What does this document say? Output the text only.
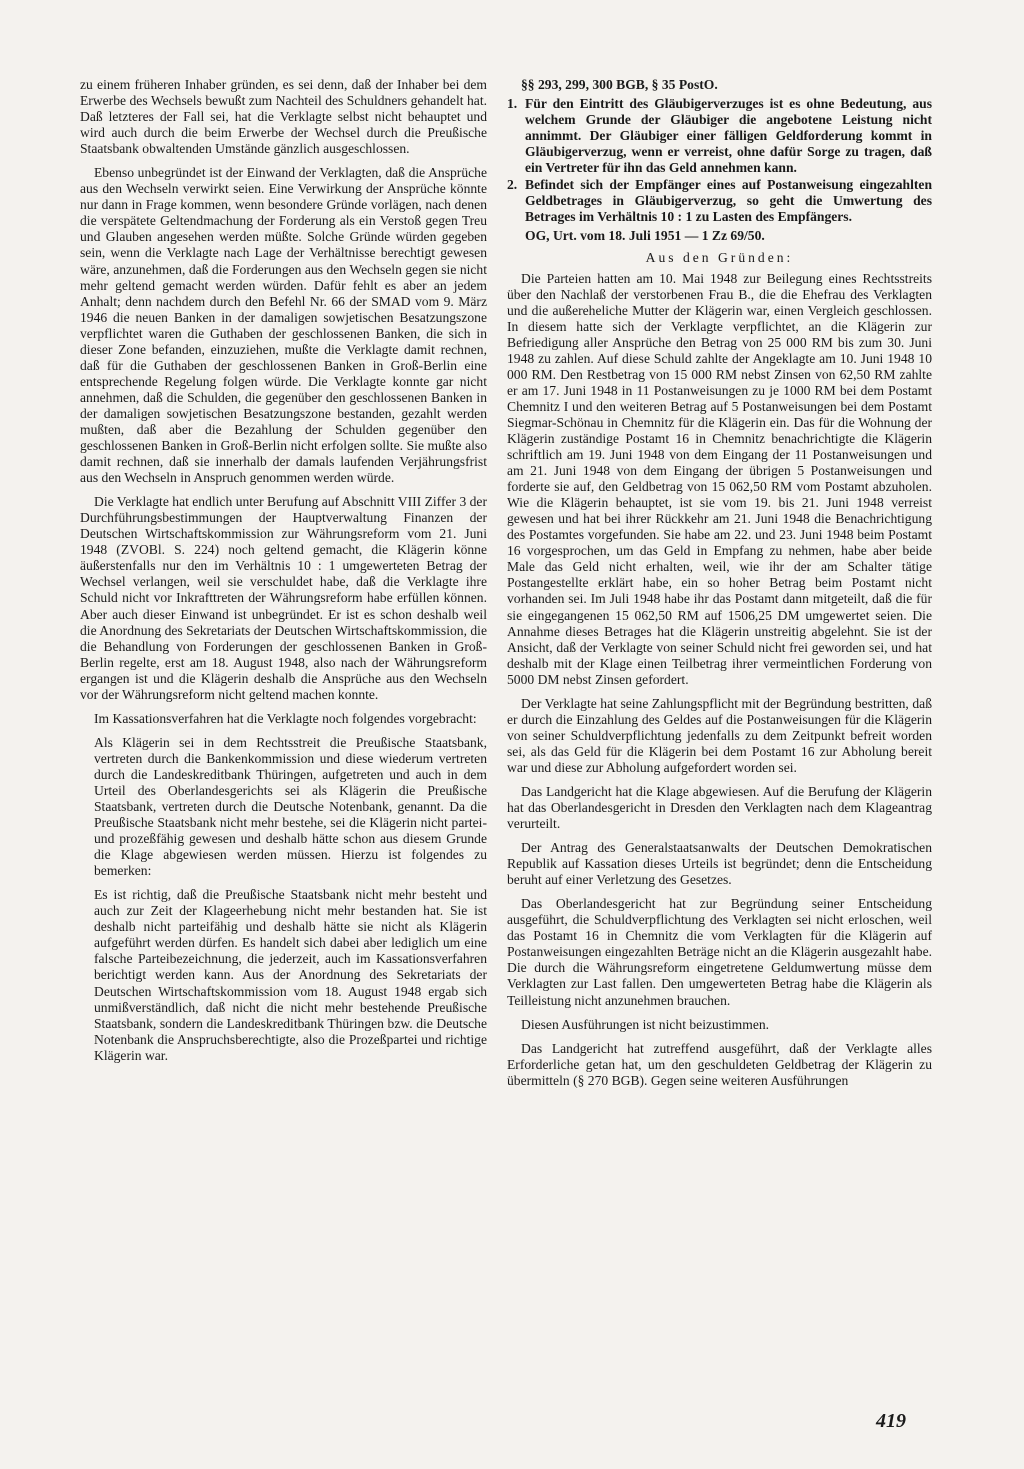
zu einem früheren Inhaber gründen, es sei denn, daß der Inhaber bei dem Erwerbe des Wechsels bewußt zum Nachteil des Schuldners gehandelt hat. Daß letzteres der Fall sei, hat die Verklagte selbst nicht behauptet und wird auch durch die beim Erwerbe der Wechsel durch die Preußische Staatsbank obwaltenden Umstände gänzlich ausgeschlossen.

Ebenso unbegründet ist der Einwand der Verklagten, daß die Ansprüche aus den Wechseln verwirkt seien. Eine Verwirkung der Ansprüche könnte nur dann in Frage kommen, wenn besondere Gründe vorlägen, nach denen die verspätete Geltendmachung der Forderung als ein Verstoß gegen Treu und Glauben angesehen werden müßte. Solche Gründe würden gegeben sein, wenn die Verklagte nach Lage der Verhältnisse berechtigt gewesen wäre, anzunehmen, daß die Forderungen aus den Wechseln gegen sie nicht mehr geltend gemacht werden würden. Dafür fehlt es aber an jedem Anhalt; denn nachdem durch den Befehl Nr. 66 der SMAD vom 9. März 1946 die neuen Banken in der damaligen sowjetischen Besatzungszone verpflichtet waren die Guthaben der geschlossenen Banken, die sich in dieser Zone befanden, einzuziehen, mußte die Verklagte damit rechnen, daß für die Guthaben der geschlossenen Banken in Groß-Berlin eine entsprechende Regelung folgen würde. Die Verklagte konnte gar nicht annehmen, daß die Schulden, die gegenüber den geschlossenen Banken in der damaligen sowjetischen Besatzungszone bestanden, gezahlt werden mußten, daß aber die Bezahlung der Schulden gegenüber den geschlossenen Banken in Groß-Berlin nicht erfolgen sollte. Sie mußte also damit rechnen, daß sie innerhalb der damals laufenden Verjährungsfrist aus den Wechseln in Anspruch genommen werden würde.

Die Verklagte hat endlich unter Berufung auf Abschnitt VIII Ziffer 3 der Durchführungsbestimmungen der Hauptverwaltung Finanzen der Deutschen Wirtschaftskommission zur Währungsreform vom 21. Juni 1948 (ZVOBl. S. 224) noch geltend gemacht, die Klägerin könne äußerstenfalls nur den im Verhältnis 10 : 1 umgewerteten Betrag der Wechsel verlangen, weil sie verschuldet habe, daß die Verklagte ihre Schuld nicht vor Inkrafttreten der Währungsreform habe erfüllen können. Aber auch dieser Einwand ist unbegründet. Er ist es schon deshalb weil die Anordnung des Sekretariats der Deutschen Wirtschaftskommission, die die Behandlung von Forderungen der geschlossenen Banken in Groß-Berlin regelte, erst am 18. August 1948, also nach der Währungsreform ergangen ist und die Klägerin deshalb die Ansprüche aus den Wechseln vor der Währungsreform nicht geltend machen konnte.

Im Kassationsverfahren hat die Verklagte noch folgendes vorgebracht:

Als Klägerin sei in dem Rechtsstreit die Preußische Staatsbank, vertreten durch die Bankenkommission und diese wiederum vertreten durch die Landeskreditbank Thüringen, aufgetreten und auch in dem Urteil des Oberlandesgerichts sei als Klägerin die Preußische Staatsbank, vertreten durch die Deutsche Notenbank, genannt. Da die Preußische Staatsbank nicht mehr bestehe, sei die Klägerin nicht partei- und prozeßfähig gewesen und deshalb hätte schon aus diesem Grunde die Klage abgewiesen werden müssen. Hierzu ist folgendes zu bemerken:

Es ist richtig, daß die Preußische Staatsbank nicht mehr besteht und auch zur Zeit der Klageerhebung nicht mehr bestanden hat. Sie ist deshalb nicht parteifähig und deshalb hätte sie nicht als Klägerin aufgeführt werden dürfen. Es handelt sich dabei aber lediglich um eine falsche Parteibezeichnung, die jederzeit, auch im Kassationsverfahren berichtigt werden kann. Aus der Anordnung des Sekretariats der Deutschen Wirtschaftskommission vom 18. August 1948 ergab sich unmißverständlich, daß nicht die nicht mehr bestehende Preußische Staatsbank, sondern die Landeskreditbank Thüringen bzw. die Deutsche Notenbank die Anspruchsberechtigte, also die Prozeßpartei und richtige Klägerin war.

§§ 293, 299, 300 BGB, § 35 PostO.
1. Für den Eintritt des Gläubigerverzuges ist es ohne Bedeutung, aus welchem Grunde der Gläubiger die angebotene Leistung nicht annimmt. Der Gläubiger einer fälligen Geldforderung kommt in Gläubigerverzug, wenn er verreist, ohne dafür Sorge zu tragen, daß ein Vertreter für ihn das Geld annehmen kann.
2. Befindet sich der Empfänger eines auf Postanweisung eingezahlten Geldbetrages in Gläubigerverzug, so geht die Umwertung des Betrages im Verhältnis 10 : 1 zu Lasten des Empfängers.
OG, Urt. vom 18. Juli 1951 — 1 Zz 69/50.
Aus den Gründen:

Die Parteien hatten am 10. Mai 1948 zur Beilegung eines Rechtsstreits über den Nachlaß der verstorbenen Frau B., die die Ehefrau des Verklagten und die außereheliche Mutter der Klägerin war, einen Vergleich geschlossen. In diesem hatte sich der Verklagte verpflichtet, an die Klägerin zur Befriedigung aller Ansprüche den Betrag von 25 000 RM bis zum 30. Juni 1948 zu zahlen. Auf diese Schuld zahlte der Angeklagte am 10. Juni 1948 10 000 RM. Den Restbetrag von 15 000 RM nebst Zinsen von 62,50 RM zahlte er am 17. Juni 1948 in 11 Postanweisungen zu je 1000 RM bei dem Postamt Chemnitz I und den weiteren Betrag auf 5 Postanweisungen bei dem Postamt Siegmar-Schönau in Chemnitz für die Klägerin ein. Das für die Wohnung der Klägerin zuständige Postamt 16 in Chemnitz benachrichtigte die Klägerin schriftlich am 19. Juni 1948 von dem Eingang der 11 Postanweisungen und am 21. Juni 1948 von dem Eingang der übrigen 5 Postanweisungen und forderte sie auf, den Geldbetrag von 15 062,50 RM vom Postamt abzuholen. Wie die Klägerin behauptet, ist sie vom 19. bis 21. Juni 1948 verreist gewesen und hat bei ihrer Rückkehr am 21. Juni 1948 die Benachrichtigung des Postamtes vorgefunden. Sie habe am 22. und 23. Juni 1948 beim Postamt 16 vorgesprochen, um das Geld in Empfang zu nehmen, habe aber beide Male das Geld nicht erhalten, weil, wie ihr der am Schalter tätige Postangestellte erklärt habe, ein so hoher Betrag beim Postamt nicht vorhanden sei. Im Juli 1948 habe ihr das Postamt dann mitgeteilt, daß die für sie eingegangenen 15 062,50 RM auf 1506,25 DM umgewertet seien. Die Annahme dieses Betrages hat die Klägerin unstreitig abgelehnt. Sie ist der Ansicht, daß der Verklagte von seiner Schuld nicht frei geworden sei, und hat deshalb mit der Klage einen Teilbetrag ihrer vermeintlichen Forderung von 5000 DM nebst Zinsen gefordert.

Der Verklagte hat seine Zahlungspflicht mit der Begründung bestritten, daß er durch die Einzahlung des Geldes auf die Postanweisungen für die Klägerin von seiner Schuldverpflichtung jedenfalls zu dem Zeitpunkt befreit worden sei, als das Geld für die Klägerin bei dem Postamt 16 zur Abholung bereit war und diese zur Abholung aufgefordert worden sei.

Das Landgericht hat die Klage abgewiesen. Auf die Berufung der Klägerin hat das Oberlandesgericht in Dresden den Verklagten nach dem Klageantrag verurteilt.

Der Antrag des Generalstaatsanwalts der Deutschen Demokratischen Republik auf Kassation dieses Urteils ist begründet; denn die Entscheidung beruht auf einer Verletzung des Gesetzes.

Das Oberlandesgericht hat zur Begründung seiner Entscheidung ausgeführt, die Schuldverpflichtung des Verklagten sei nicht erloschen, weil das Postamt 16 in Chemnitz die vom Verklagten für die Klägerin auf Postanweisungen eingezahlten Beträge nicht an die Klägerin ausgezahlt habe. Die durch die Währungsreform eingetretene Geldumwertung müsse dem Verklagten zur Last fallen. Den umgewerteten Betrag habe die Klägerin als Teilleistung nicht anzunehmen brauchen.

Diesen Ausführungen ist nicht beizustimmen.

Das Landgericht hat zutreffend ausgeführt, daß der Verklagte alles Erforderliche getan hat, um den geschuldeten Geldbetrag der Klägerin zu übermitteln (§ 270 BGB). Gegen seine weiteren Ausführungen

419
